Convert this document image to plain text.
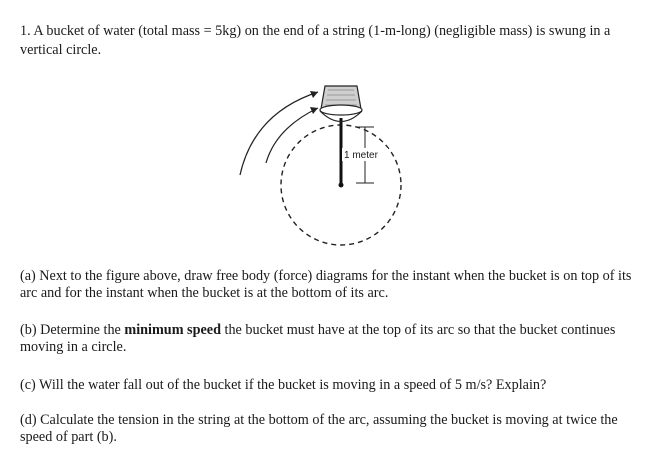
1. A bucket of water (total mass = 5kg) on the end of a string (1-m-long) (negligible mass) is swung in a vertical circle.
1 meter
(a) Next to the figure above, draw free body (force) diagrams for the instant when the bucket is on top of its arc and for the instant when the bucket is at the bottom of its arc.
(b) Determine the minimum speed the bucket must have at the top of its arc so that the bucket continues moving in a circle.
(c) Will the water fall out of the bucket if the bucket is moving in a speed of 5 m/s? Explain?
(d) Calculate the tension in the string at the bottom of the arc, assuming the bucket is moving at twice the speed of part (b).
